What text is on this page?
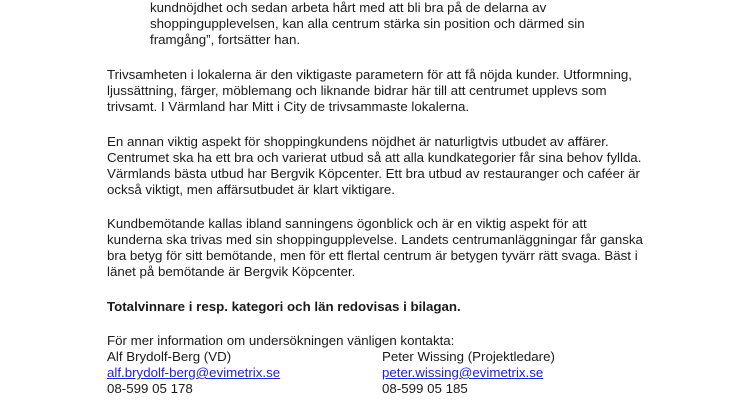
kundnöjdhet och sedan arbeta hårt med att bli bra på de delarna av
shoppingupplevelsen, kan alla centrum stärka sin position och därmed sin
framgång”, fortsätter han.
Trivsamheten i lokalerna är den viktigaste parametern för att få nöjda kunder. Utformning,
ljussättning, färger, möblemang och liknande bidrar här till att centrumet upplevs som
trivsamt. I Värmland har Mitt i City de trivsammaste lokalerna.
En annan viktig aspekt för shoppingkundens nöjdhet är naturligtvis utbudet av affärer.
Centrumet ska ha ett bra och varierat utbud så att alla kundkategorier får sina behov fyllda.
Värmlands bästa utbud har Bergvik Köpcenter. Ett bra utbud av restauranger och caféer är
också viktigt, men affärsutbudet är klart viktigare.
Kundbemötande kallas ibland sanningens ögonblick och är en viktig aspekt för att
kunderna ska trivas med sin shoppingupplevelse. Landets centrumanläggningar får ganska
bra betyg för sitt bemötande, men för ett flertal centrum är betygen tyvärr rätt svaga. Bäst i
länet på bemötande är Bergvik Köpcenter.
Totalvinnare i resp. kategori och län redovisas i bilagan.
För mer information om undersökningen vänligen kontakta:
Alf Brydolf-Berg (VD)
alf.brydolf-berg@evimetrix.se
08-599 05 178
Peter Wissing (Projektledare)
peter.wissing@evimetrix.se
08-599 05 185
